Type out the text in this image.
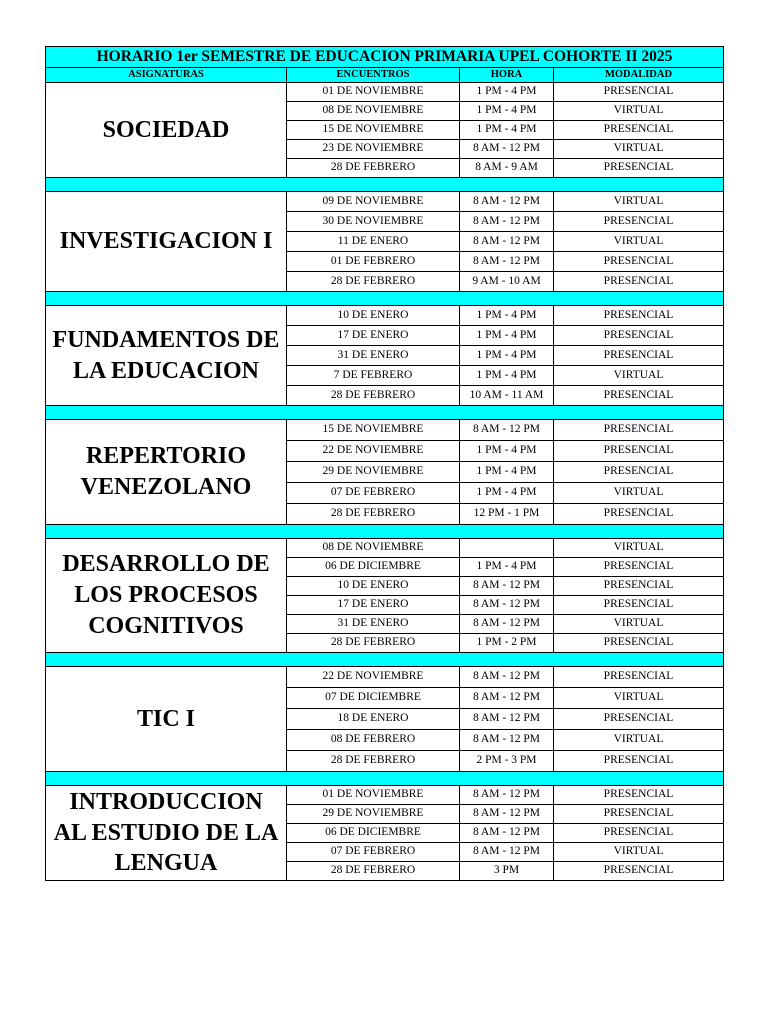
HORARIO 1er SEMESTRE DE EDUCACION PRIMARIA UPEL COHORTE II 2025			
ASIGNATURAS	ENCUENTROS	HORA	MODALIDAD
SOCIEDAD	01 DE NOVIEMBRE	1 PM - 4 PM	PRESENCIAL
	08 DE NOVIEMBRE	1 PM - 4 PM	VIRTUAL
	15 DE NOVIEMBRE	1 PM - 4 PM	PRESENCIAL
	23 DE NOVIEMBRE	8 AM - 12 PM	VIRTUAL
	28 DE FEBRERO	8 AM - 9 AM	PRESENCIAL

INVESTIGACION I	09 DE NOVIEMBRE	8 AM - 12 PM	VIRTUAL
	30 DE NOVIEMBRE	8 AM - 12 PM	PRESENCIAL
	11 DE ENERO	8 AM - 12 PM	VIRTUAL
	01 DE FEBRERO	8 AM - 12 PM	PRESENCIAL
	28 DE FEBRERO	9 AM - 10 AM	PRESENCIAL

FUNDAMENTOS DE LA EDUCACION	10 DE ENERO	1 PM - 4 PM	PRESENCIAL
	17 DE ENERO	1 PM - 4 PM	PRESENCIAL
	31 DE ENERO	1 PM - 4 PM	PRESENCIAL
	7 DE FEBRERO	1 PM - 4 PM	VIRTUAL
	28 DE FEBRERO	10 AM - 11 AM	PRESENCIAL

REPERTORIO VENEZOLANO	15 DE NOVIEMBRE	8 AM - 12 PM	PRESENCIAL
	22 DE NOVIEMBRE	1 PM - 4 PM	PRESENCIAL
	29 DE NOVIEMBRE	1 PM - 4 PM	PRESENCIAL
	07 DE FEBRERO	1 PM - 4 PM	VIRTUAL
	28 DE FEBRERO	12 PM - 1 PM	PRESENCIAL

DESARROLLO DE LOS PROCESOS COGNITIVOS	08 DE NOVIEMBRE		VIRTUAL
	06 DE DICIEMBRE	1 PM - 4 PM	PRESENCIAL
	10 DE ENERO	8 AM - 12 PM	PRESENCIAL
	17 DE ENERO	8 AM - 12 PM	PRESENCIAL
	31 DE ENERO	8 AM - 12 PM	VIRTUAL
	28 DE FEBRERO	1 PM - 2 PM	PRESENCIAL

TIC I	22 DE NOVIEMBRE	8 AM - 12 PM	PRESENCIAL
	07 DE DICIEMBRE	8 AM - 12 PM	VIRTUAL
	18 DE ENERO	8 AM - 12 PM	PRESENCIAL
	08 DE FEBRERO	8 AM - 12 PM	VIRTUAL
	28 DE FEBRERO	2 PM - 3 PM	PRESENCIAL

INTRODUCCION AL ESTUDIO DE LA LENGUA	01 DE NOVIEMBRE	8 AM - 12 PM	PRESENCIAL
	29 DE NOVIEMBRE	8 AM - 12 PM	PRESENCIAL
	06 DE DICIEMBRE	8 AM - 12 PM	PRESENCIAL
	07 DE FEBRERO	8 AM - 12 PM	VIRTUAL
	28 DE FEBRERO	3 PM	PRESENCIAL
